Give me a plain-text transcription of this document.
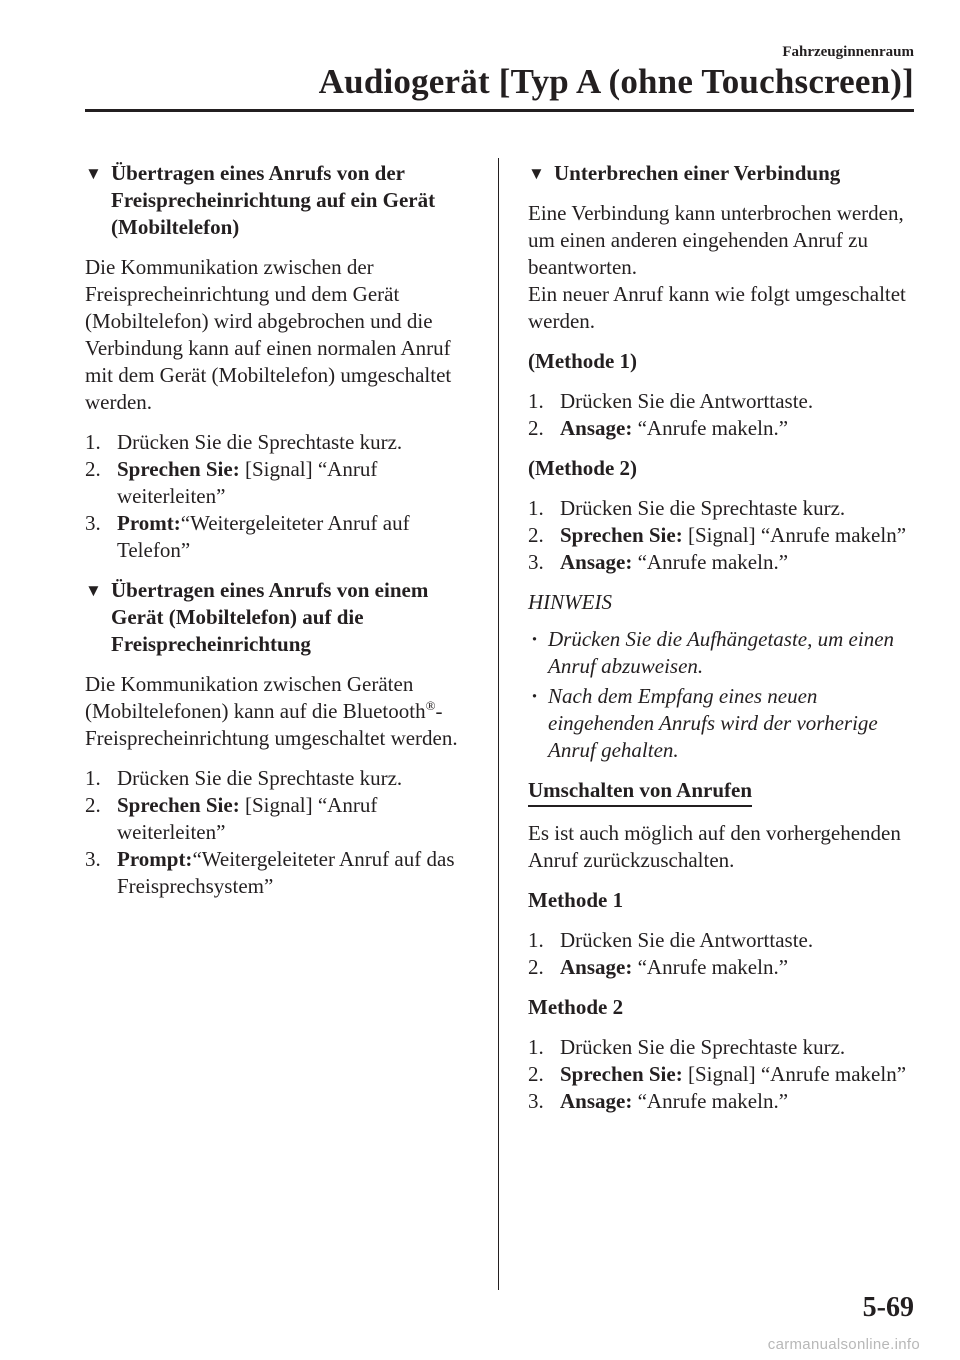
Fahrzeuginnenraum
Audiogerät [Typ A (ohne Touchscreen)]
▼ Übertragen eines Anrufs von der Freisprecheinrichtung auf ein Gerät (Mobiltelefon)

Die Kommunikation zwischen der Freisprecheinrichtung und dem Gerät (Mobiltelefon) wird abgebrochen und die Verbindung kann auf einen normalen Anruf mit dem Gerät (Mobiltelefon) umgeschaltet werden.

1. Drücken Sie die Sprechtaste kurz.
2. Sprechen Sie: [Signal] “Anruf weiterleiten”
3. Promt:“Weitergeleiteter Anruf auf Telefon”
▼ Übertragen eines Anrufs von einem Gerät (Mobiltelefon) auf die Freisprecheinrichtung

Die Kommunikation zwischen Geräten (Mobiltelefonen) kann auf die Bluetooth®-Freisprecheinrichtung umgeschaltet werden.

1. Drücken Sie die Sprechtaste kurz.
2. Sprechen Sie: [Signal] “Anruf weiterleiten”
3. Prompt:“Weitergeleiteter Anruf auf das Freisprechsystem”
▼ Unterbrechen einer Verbindung

Eine Verbindung kann unterbrochen werden, um einen anderen eingehenden Anruf zu beantworten.

Ein neuer Anruf kann wie folgt umgeschaltet werden.

(Methode 1)
1. Drücken Sie die Antworttaste.
2. Ansage: “Anrufe makeln.”
(Methode 2)
1. Drücken Sie die Sprechtaste kurz.
2. Sprechen Sie: [Signal] “Anrufe makeln”
3. Ansage: “Anrufe makeln.”
HINWEIS
· Drücken Sie die Aufhängetaste, um einen Anruf abzuweisen.
· Nach dem Empfang eines neuen eingehenden Anrufs wird der vorherige Anruf gehalten.
Umschalten von Anrufen

Es ist auch möglich auf den vorhergehenden Anruf zurückzuschalten.

Methode 1
1. Drücken Sie die Antworttaste.
2. Ansage: “Anrufe makeln.”
Methode 2
1. Drücken Sie die Sprechtaste kurz.
2. Sprechen Sie: [Signal] “Anrufe makeln”
3. Ansage: “Anrufe makeln.”
5-69
carmanualsonline.info
